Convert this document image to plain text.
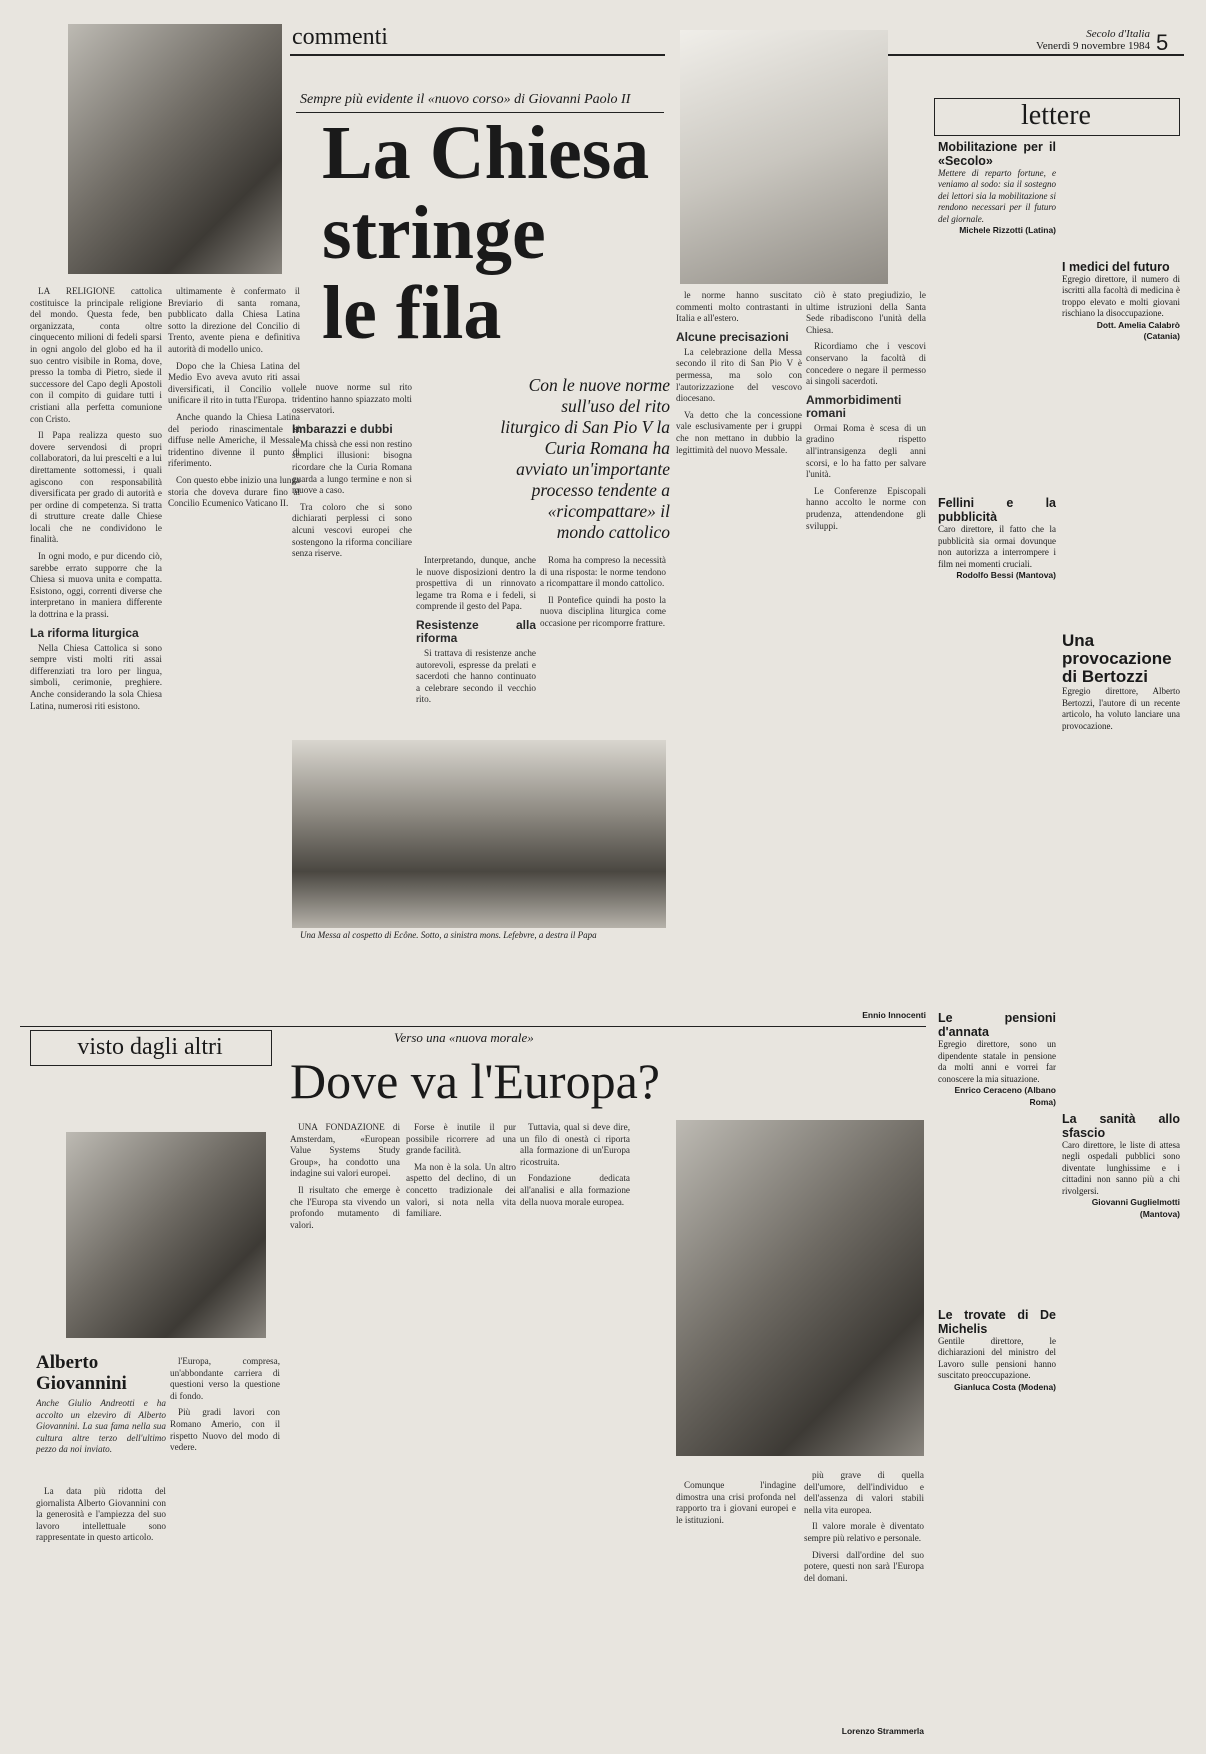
commenti	Secolo d'Italia
Venerdì 9 novembre 1984 5
Sempre più evidente il «nuovo corso» di Giovanni Paolo II
La Chiesa
stringe
le fila
Con le nuove norme sull'uso del rito liturgico di San Pio V la Curia Romana ha avviato un'importante processo tendente a «ricompattare» il mondo cattolico

LA RELIGIONE cattolica costituisce la principale religione del mondo. Questa fede, ben organizzata, conta oltre cinquecento milioni di fedeli sparsi in ogni angolo del globo ed ha il suo centro visibile in Roma, dove, presso la tomba di Pietro, siede il successore del Capo degli Apostoli con il compito di guidare tutti i cristiani alla perfetta comunione con Cristo.

Il Papa realizza questo suo dovere servendosi di propri collaboratori, da lui prescelti e a lui direttamente sottomessi, i quali agiscono con responsabilità diversificata per grado di autorità e per ordine di competenza. Si tratta di strutture create dalle Chiese locali che ne condividono le finalità.

In ogni modo, e pur dicendo ciò, sarebbe errato supporre che la Chiesa si muova unita e compatta. Esistono, oggi, correnti diverse che interpretano in maniera differente la dottrina e la prassi.

La riforma liturgica

Nella Chiesa Cattolica si sono sempre visti molti riti assai differenziati tra loro per lingua, simboli, cerimonie, preghiere. Anche considerando la sola Chiesa Latina, numerosi riti esistono.

ultimamente è confermato il Breviario di santa romana, pubblicato dalla Chiesa Latina sotto la direzione del Concilio di Trento, avente piena e definitiva autorità di modello unico.

Dopo che la Chiesa Latina del Medio Evo aveva avuto riti assai diversificati, il Concilio volle unificare il rito in tutta l'Europa.

Anche quando la Chiesa Latina del periodo rinascimentale si diffuse nelle Americhe, il Messale tridentino divenne il punto di riferimento.

Con questo ebbe inizio una lunga storia che doveva durare fino al Concilio Ecumenico Vaticano II.

le nuove norme sul rito tridentino hanno spiazzato molti osservatori.

Imbarazzi e dubbi

Ma chissà che essi non restino semplici illusioni: bisogna ricordare che la Curia Romana guarda a lungo termine e non si muove a caso.

Tra coloro che si sono dichiarati perplessi ci sono alcuni vescovi europei che sostengono la riforma conciliare senza riserve.

Interpretando, dunque, anche le nuove disposizioni dentro la prospettiva di un rinnovato legame tra Roma e i fedeli, si comprende il gesto del Papa.

Resistenze alla riforma

Si trattava di resistenze anche autorevoli, espresse da prelati e sacerdoti che hanno continuato a celebrare secondo il vecchio rito.

Roma ha compreso la necessità di una risposta: le norme tendono a ricompattare il mondo cattolico.

Il Pontefice quindi ha posto la nuova disciplina liturgica come occasione per ricomporre fratture.

Una Messa al cospetto di Ecône. Sotto, a sinistra mons. Lefebvre, a destra il Papa

le norme hanno suscitato commenti molto contrastanti in Italia e all'estero.

Alcune precisazioni

La celebrazione della Messa secondo il rito di San Pio V è permessa, ma solo con l'autorizzazione del vescovo diocesano.

Va detto che la concessione vale esclusivamente per i gruppi che non mettano in dubbio la legittimità del nuovo Messale.

ciò è stato pregiudizio, le ultime istruzioni della Santa Sede ribadiscono l'unità della Chiesa.

Ricordiamo che i vescovi conservano la facoltà di concedere o negare il permesso ai singoli sacerdoti.

Ammorbidimenti romani

Ormai Roma è scesa di un gradino rispetto all'intransigenza degli anni scorsi, e lo ha fatto per salvare l'unità.

Le Conferenze Episcopali hanno accolto le norme con prudenza, attendendone gli sviluppi.

Ennio Innocenti
visto dagli altri	Verso una «nuova morale»
Dove va l'Europa?
Alberto Giovannini
Anche Giulio Andreotti e ha accolto un elzeviro di Alberto Giovannini. La sua fama nella sua cultura altre terzo dell'ultimo pezzo da noi inviato.

La data più ridotta del giornalista Alberto Giovannini con la generosità e l'ampiezza del suo lavoro intellettuale sono rappresentate in questo articolo.

l'Europa, compresa, un'abbondante carriera di questioni verso la questione di fondo.

Più gradi lavori con Romano Amerio, con il rispetto Nuovo del modo di vedere.

UNA FONDAZIONE di Amsterdam, «European Value Systems Study Group», ha condotto una indagine sui valori europei.

Il risultato che emerge è che l'Europa sta vivendo un profondo mutamento di valori.

Forse è inutile il pur possibile ricorrere ad una grande facilità.

Ma non è la sola. Un altro aspetto del declino, di un concetto tradizionale dei valori, si nota nella vita familiare.

Tuttavia, qual si deve dire, un filo di onestà ci riporta alla formazione di un'Europa ricostruita.

Fondazione dedicata all'analisi e alla formazione della nuova morale europea.

Comunque l'indagine dimostra una crisi profonda nel rapporto tra i giovani europei e le istituzioni.

più grave di quella dell'umore, dell'individuo e dell'assenza di valori stabili nella vita europea.

Il valore morale è diventato sempre più relativo e personale.

Diversi dall'ordine del suo potere, questi non sarà l'Europa del domani.

Lorenzo Strammerla
lettere
Mobilitazione per il «Secolo»
Mettere di reparto fortune, e veniamo al sodo: sia il sostegno dei lettori sia la mobilitazione si rendono necessari per il futuro del giornale.
Michele Rizzotti (Latina)
Fellini e la pubblicità
Caro direttore, il fatto che la pubblicità sia ormai dovunque non autorizza a interrompere i film nei momenti cruciali.
Rodolfo Bessi (Mantova)
Le pensioni d'annata
Egregio direttore, sono un dipendente statale in pensione da molti anni e vorrei far conoscere la mia situazione.
Enrico Ceraceno (Albano Roma)
Le trovate di De Michelis
Gentile direttore, le dichiarazioni del ministro del Lavoro sulle pensioni hanno suscitato preoccupazione.
Gianluca Costa (Modena)
I medici del futuro
Egregio direttore, il numero di iscritti alla facoltà di medicina è troppo elevato e molti giovani rischiano la disoccupazione.
Dott. Amelia Calabrò (Catania)
Una provocazione di Bertozzi
Egregio direttore, Alberto Bertozzi, l'autore di un recente articolo, ha voluto lanciare una provocazione.
La sanità allo sfascio
Caro direttore, le liste di attesa negli ospedali pubblici sono diventate lunghissime e i cittadini non sanno più a chi rivolgersi.
Giovanni Guglielmotti (Mantova)
